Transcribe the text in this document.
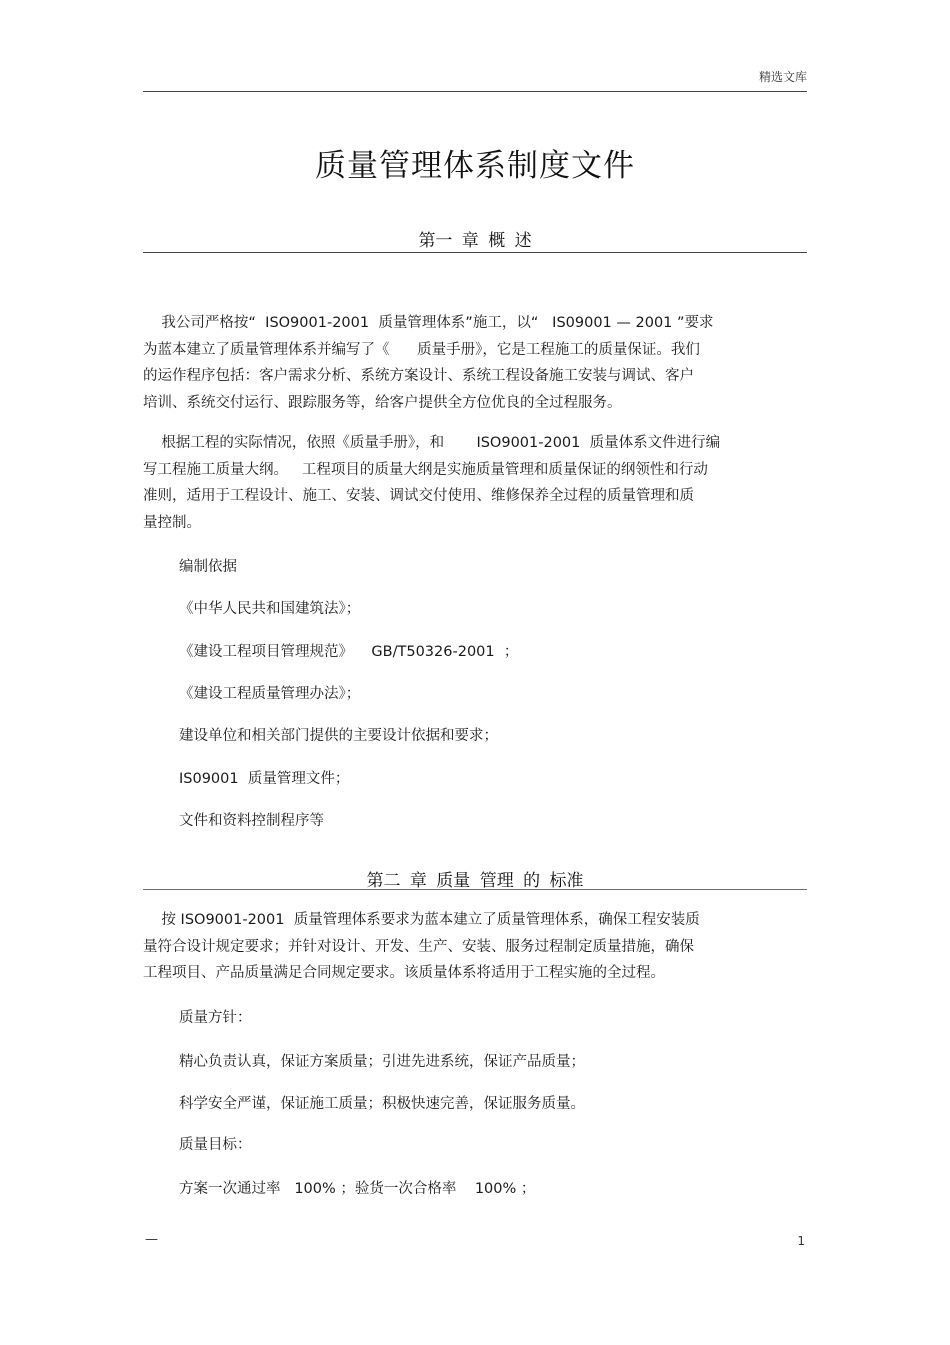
精选文库
质量管理体系制度文件
第一 章 概 述
我公司严格按“  ISO9001-2001  质量管理体系”施工，以“   IS09001 — 2001 ”要求
为蓝本建立了质量管理体系并编写了《      质量手册》，它是工程施工的质量保证。我们
的运作程序包括：客户需求分析、系统方案设计、系统工程设备施工安装与调试、客户
培训、系统交付运行、跟踪服务等，给客户提供全方位优良的全过程服务。
根据工程的实际情况，依照《质量手册》，和       ISO9001-2001  质量体系文件进行编
写工程施工质量大纲。   工程项目的质量大纲是实施质量管理和质量保证的纲领性和行动
准则，适用于工程设计、施工、安装、调试交付使用、维修保养全过程的质量管理和质
量控制。
编制依据
《中华人民共和国建筑法》；
《建设工程项目管理规范》    GB/T50326-2001  ；
《建设工程质量管理办法》；
建设单位和相关部门提供的主要设计依据和要求；
IS09001  质量管理文件；
文件和资料控制程序等
第二 章 质量 管理 的 标准
按 ISO9001-2001  质量管理体系要求为蓝本建立了质量管理体系，确保工程安装质
量符合设计规定要求；并针对设计、开发、生产、安装、服务过程制定质量措施，确保
工程项目、产品质量满足合同规定要求。该质量体系将适用于工程实施的全过程。
质量方针：
精心负责认真，保证方案质量；引进先进系统，保证产品质量；
科学安全严谨，保证施工质量；积极快速完善，保证服务质量。
质量目标：
方案一次通过率   100% ；验货一次合格率    100% ；
—	1
